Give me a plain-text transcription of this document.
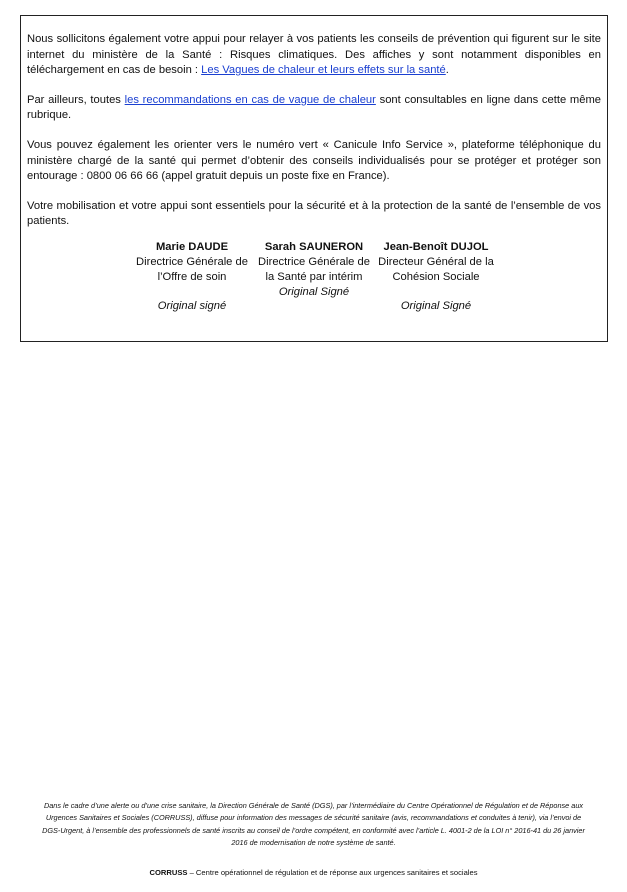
Nous sollicitons également votre appui pour relayer à vos patients les conseils de prévention qui figurent sur le site internet du ministère de la Santé : Risques climatiques. Des affiches y sont notamment disponibles en téléchargement en cas de besoin : Les Vagues de chaleur et leurs effets sur la santé.

Par ailleurs, toutes les recommandations en cas de vague de chaleur sont consultables en ligne dans cette même rubrique.

Vous pouvez également les orienter vers le numéro vert « Canicule Info Service », plateforme téléphonique du ministère chargé de la santé qui permet d’obtenir des conseils individualisés pour se protéger et protéger son entourage : 0800 06 66 66 (appel gratuit depuis un poste fixe en France).

Votre mobilisation et votre appui sont essentiels pour la sécurité et à la protection de la santé de l’ensemble de vos patients.

Marie DAUDE
Directrice Générale de l’Offre de soin
Original signé
Sarah SAUNERON
Directrice Générale de la Santé par intérim
Original Signé
Jean-Benoît DUJOL
Directeur Général de la Cohésion Sociale
Original Signé
Dans le cadre d’une alerte ou d’une crise sanitaire, la Direction Générale de Santé (DGS), par l’intermédiaire du Centre Opérationnel de Régulation et de Réponse aux Urgences Sanitaires et Sociales (CORRUSS), diffuse pour information des messages de sécurité sanitaire (avis, recommandations et conduites à tenir), via l’envoi de DGS-Urgent, à l’ensemble des professionnels de santé inscrits au conseil de l’ordre compétent, en conformité avec l’article L. 4001-2 de la LOI n° 2016-41 du 26 janvier 2016 de modernisation de notre système de santé.
CORRUSS – Centre opérationnel de régulation et de réponse aux urgences sanitaires et sociales
